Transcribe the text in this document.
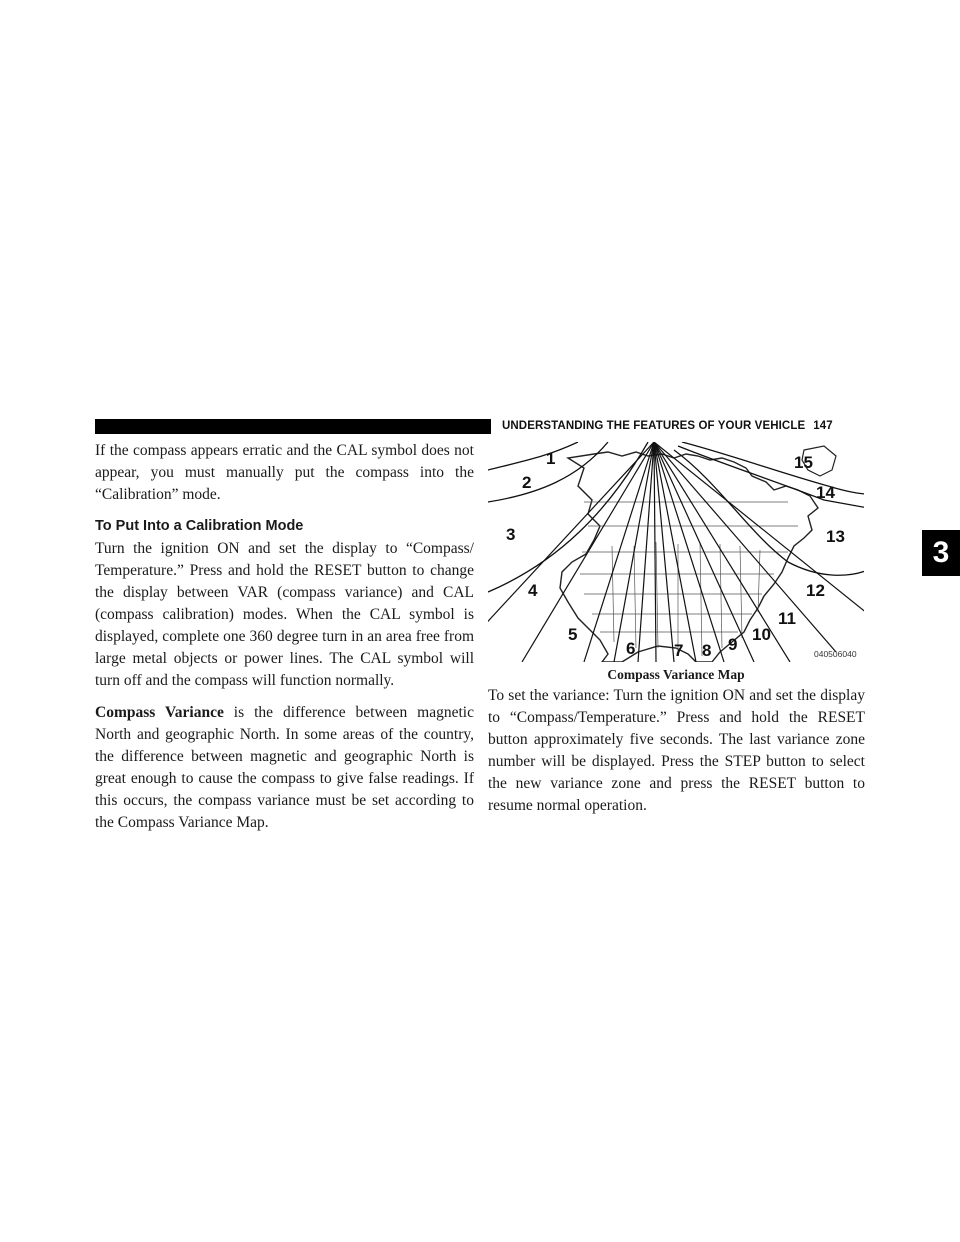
UNDERSTANDING THE FEATURES OF YOUR VEHICLE 147
3

If the compass appears erratic and the CAL symbol does not appear, you must manually put the compass into the “Calibration” mode.

To Put Into a Calibration Mode

Turn the ignition ON and set the display to “Compass/ Temperature.” Press and hold the RESET button to change the display between VAR (compass variance) and CAL (compass calibration) modes. When the CAL symbol is displayed, complete one 360 degree turn in an area free from large metal objects or power lines. The CAL symbol will turn off and the compass will function normally.

Compass Variance is the difference between magnetic North and geographic North. In some areas of the country, the difference between magnetic and geographic North is great enough to cause the compass to give false readings. If this occurs, the compass variance must be set according to the Compass Variance Map.

1
2
3
4
5
6 7 8 9
10
11
12
13
14
15
040506040
Compass Variance Map

To set the variance: Turn the ignition ON and set the display to “Compass/Temperature.” Press and hold the RESET button approximately five seconds. The last variance zone number will be displayed. Press the STEP button to select the new variance zone and press the RESET button to resume normal operation.
